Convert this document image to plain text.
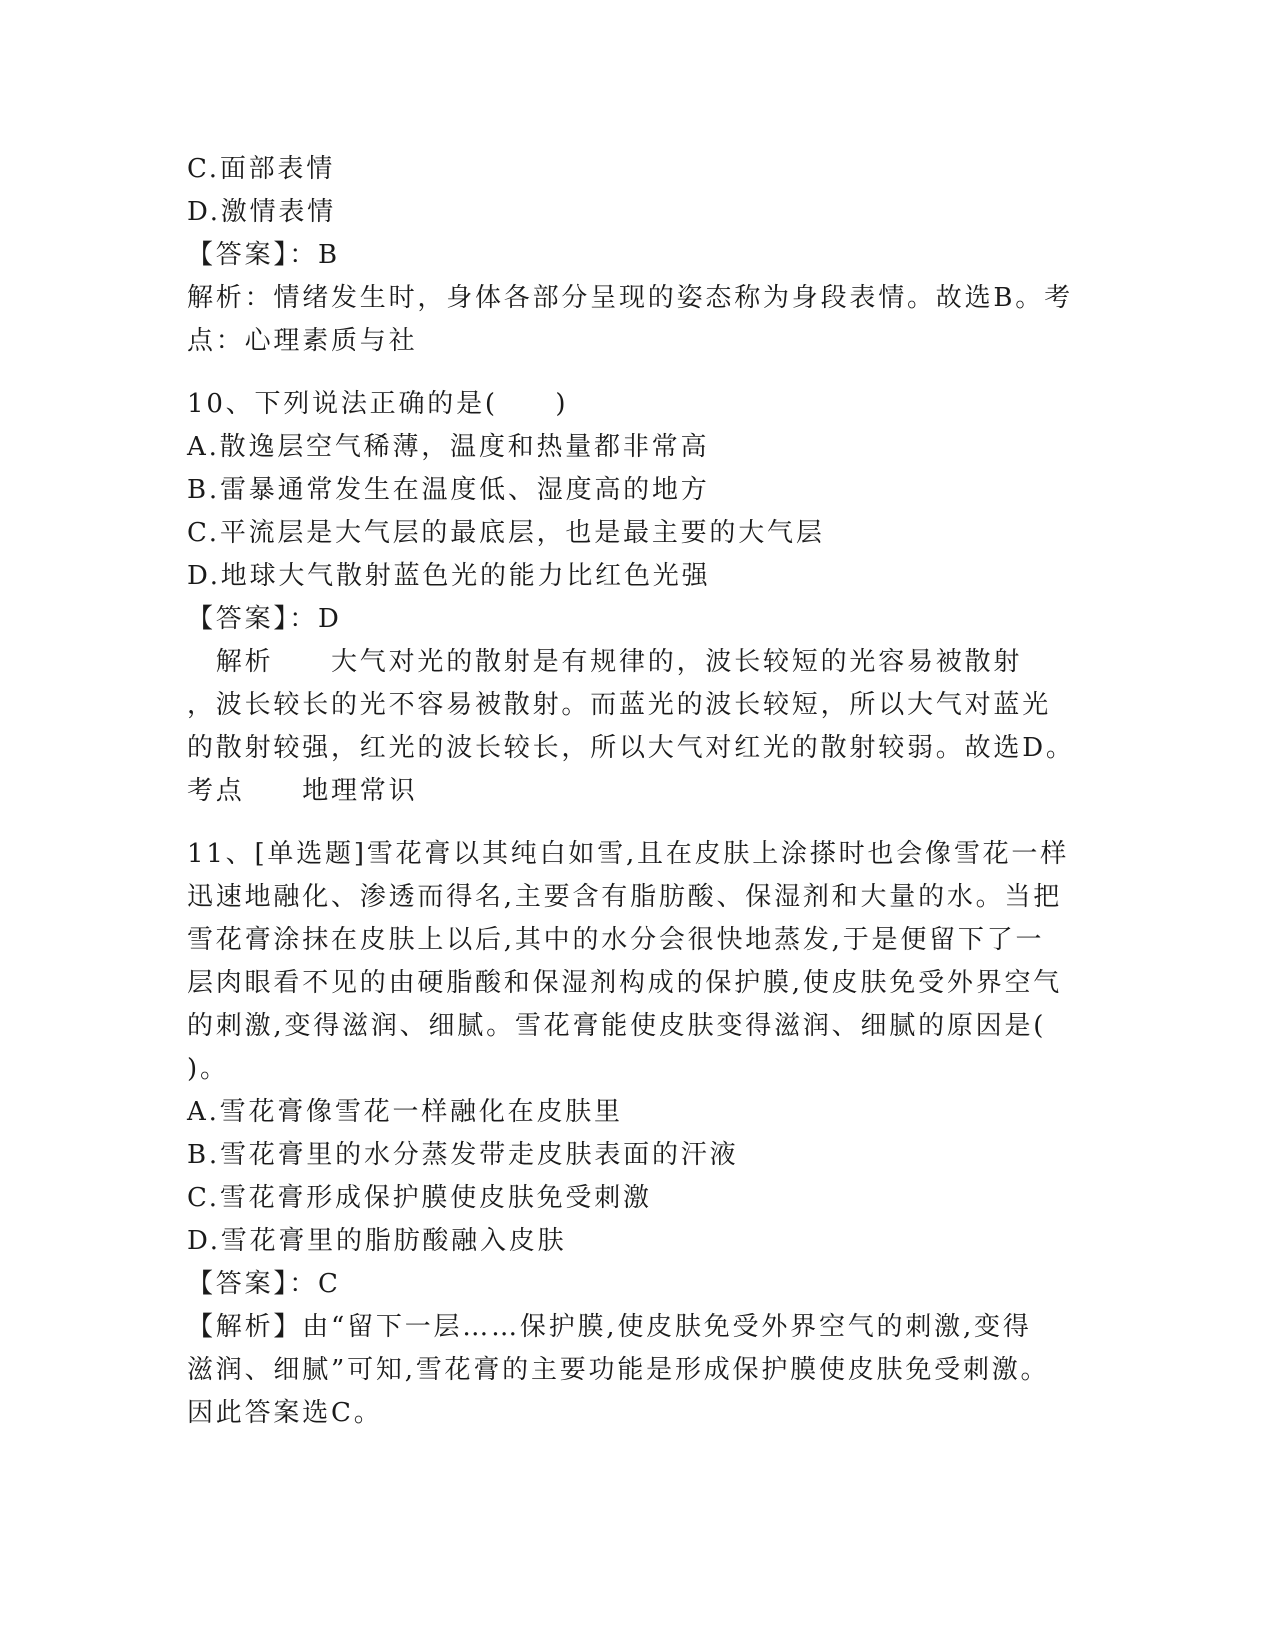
C.面部表情
D.激情表情
【答案】：B
解析：情绪发生时，身体各部分呈现的姿态称为身段表情。故选B。考
点：心理素质与社
10、下列说法正确的是(　　)
A.散逸层空气稀薄，温度和热量都非常高
B.雷暴通常发生在温度低、湿度高的地方
C.平流层是大气层的最底层，也是最主要的大气层
D.地球大气散射蓝色光的能力比红色光强
【答案】：D
　解析　　大气对光的散射是有规律的，波长较短的光容易被散射
，波长较长的光不容易被散射。而蓝光的波长较短，所以大气对蓝光
的散射较强，红光的波长较长，所以大气对红光的散射较弱。故选D。
考点　　地理常识
11、[单选题]雪花膏以其纯白如雪,且在皮肤上涂搽时也会像雪花一样
迅速地融化、渗透而得名,主要含有脂肪酸、保湿剂和大量的水。当把
雪花膏涂抹在皮肤上以后,其中的水分会很快地蒸发,于是便留下了一
层肉眼看不见的由硬脂酸和保湿剂构成的保护膜,使皮肤免受外界空气
的刺激,变得滋润、细腻。雪花膏能使皮肤变得滋润、细腻的原因是(
)。
A.雪花膏像雪花一样融化在皮肤里
B.雪花膏里的水分蒸发带走皮肤表面的汗液
C.雪花膏形成保护膜使皮肤免受刺激
D.雪花膏里的脂肪酸融入皮肤
【答案】：C
【解析】由“留下一层……保护膜,使皮肤免受外界空气的刺激,变得
滋润、细腻”可知,雪花膏的主要功能是形成保护膜使皮肤免受刺激。
因此答案选C。
